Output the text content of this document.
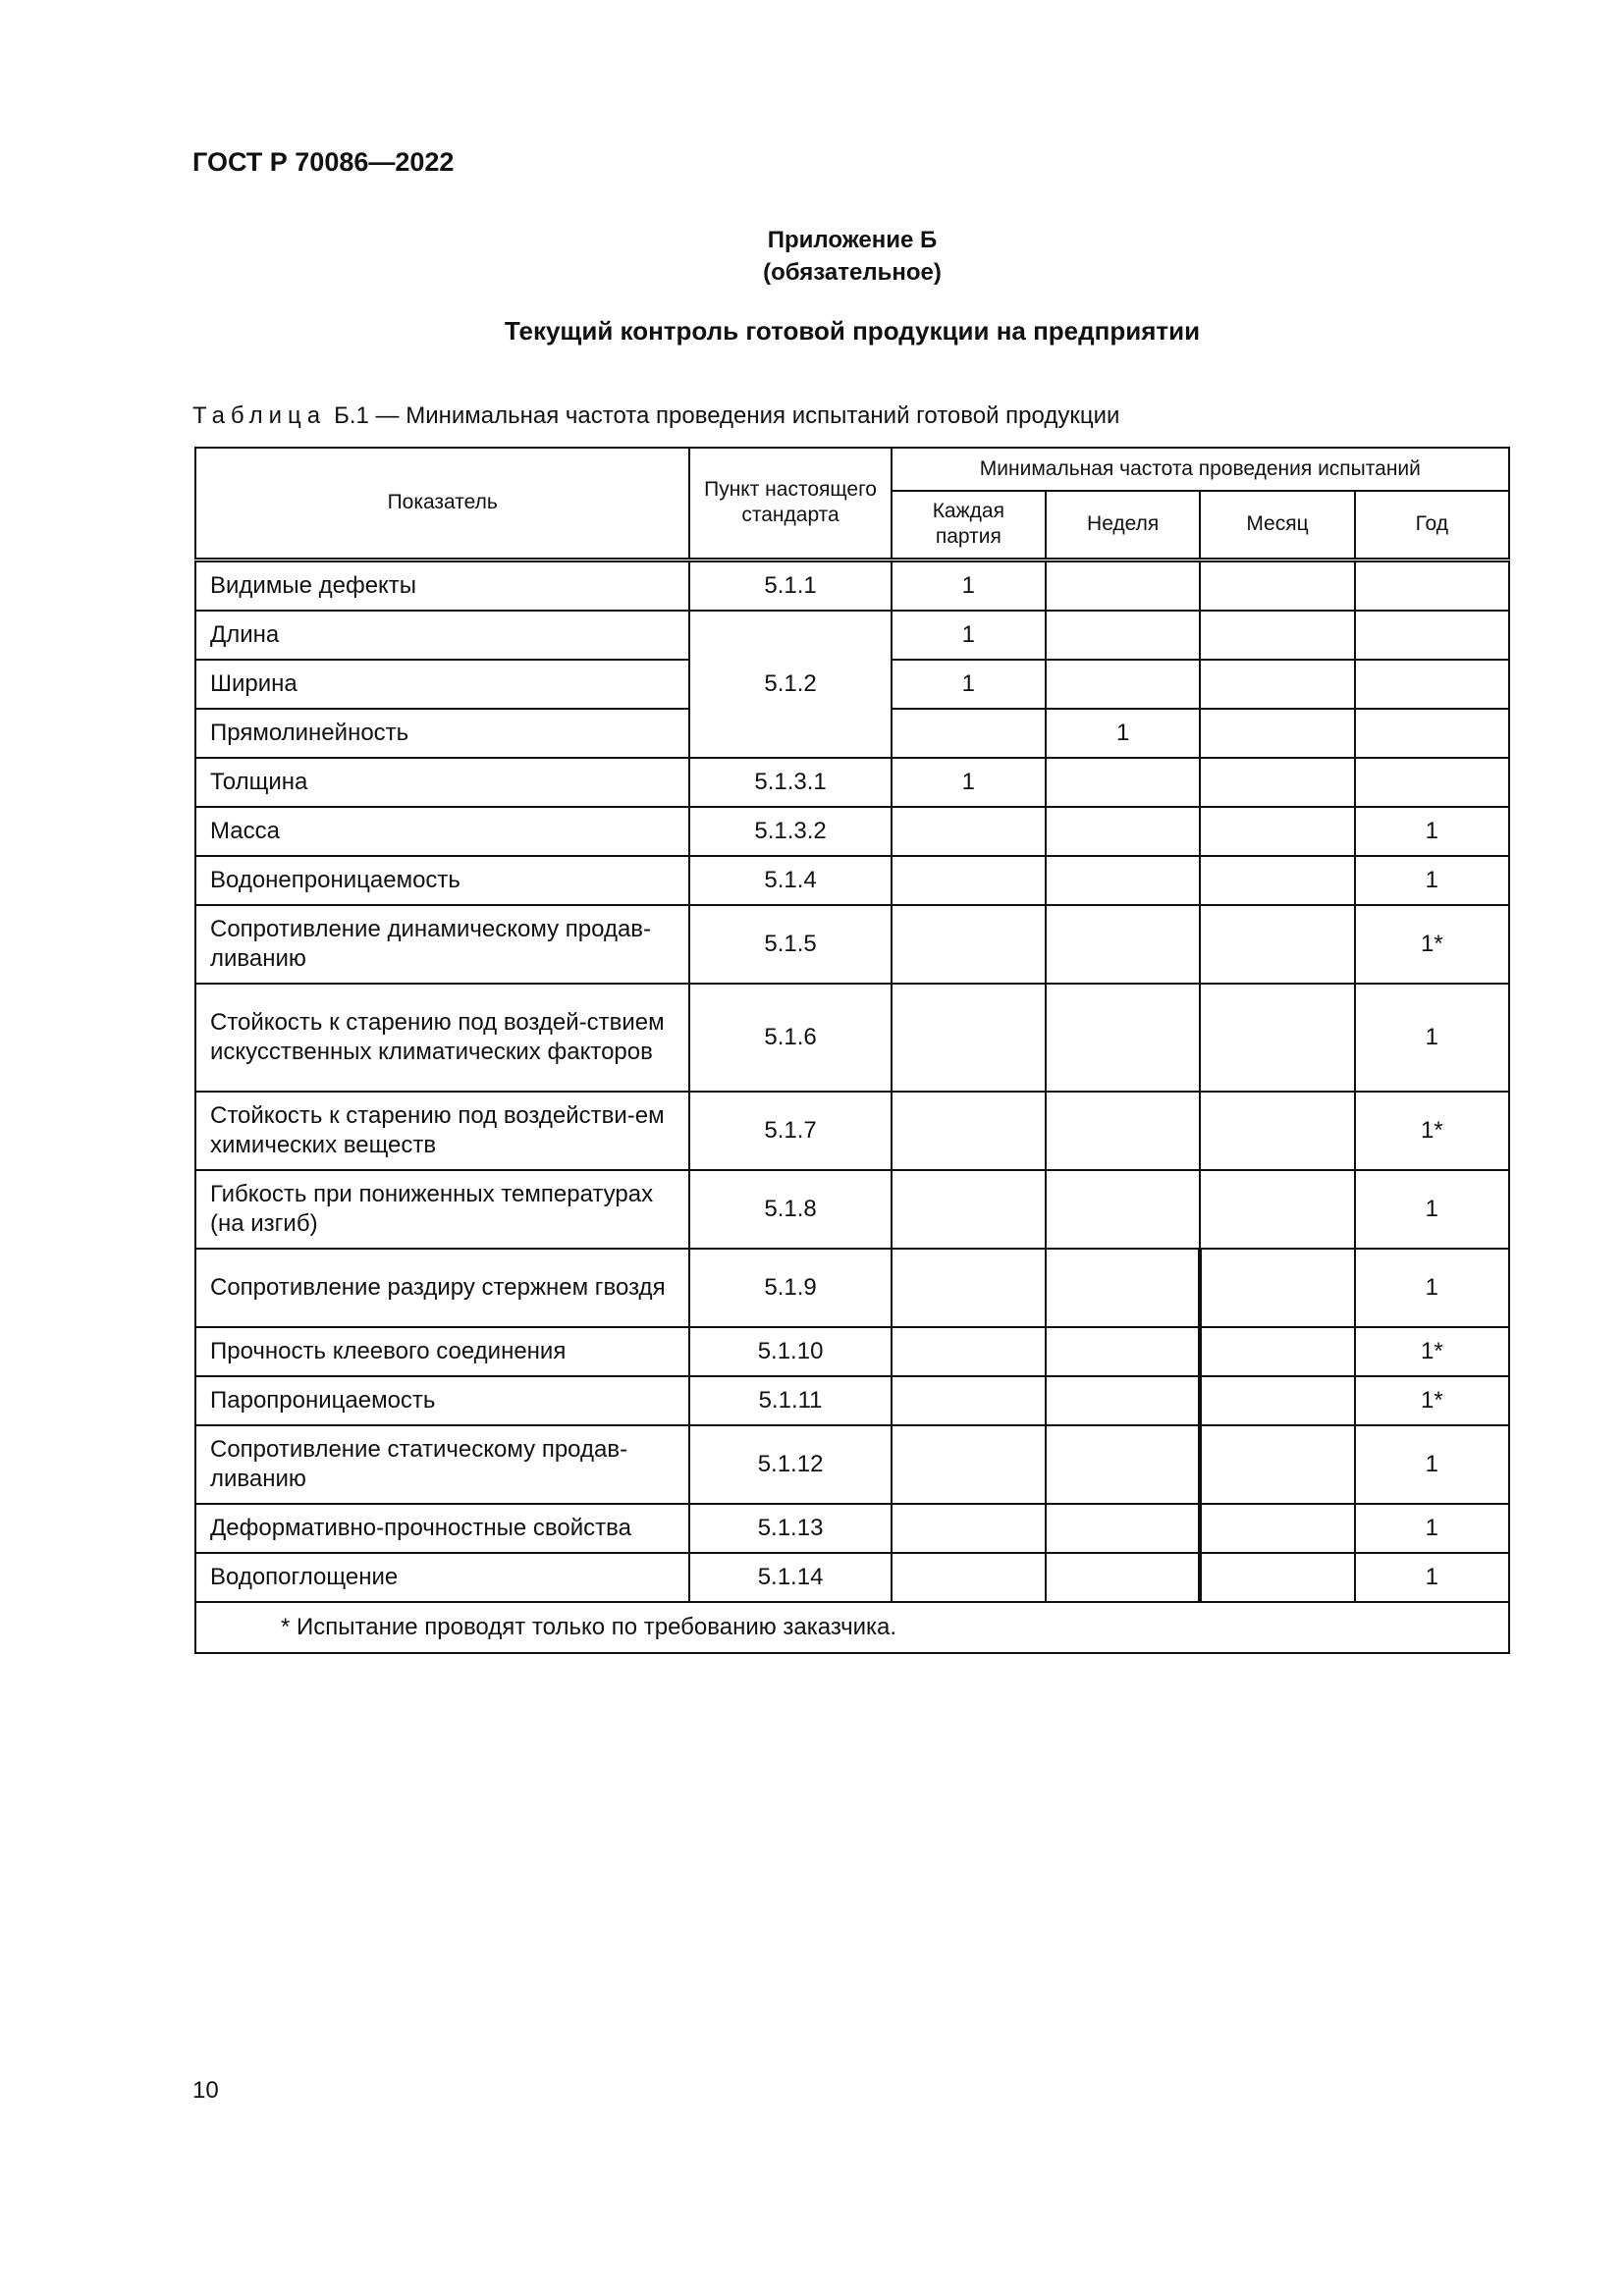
ГОСТ Р 70086—2022
Приложение Б
(обязательное)
Текущий контроль готовой продукции на предприятии
Таблица Б.1 — Минимальная частота проведения испытаний готовой продукции
Показатель	Пункт настоящего стандарта	Минимальная частота проведения испытаний			
		Каждая партия	Неделя	Месяц	Год
Видимые дефекты	5.1.1	1			
Длина	5.1.2	1			
Ширина		1			
Прямолинейность			1		
Толщина	5.1.3.1	1			
Масса	5.1.3.2				1
Водонепроницаемость	5.1.4				1
Сопротивление динамическому продав-ливанию	5.1.5				1*
Стойкость к старению под воздей-ствием искусственных климатических факторов	5.1.6				1
Стойкость к старению под воздействи-ем химических веществ	5.1.7				1*
Гибкость при пониженных температурах (на изгиб)	5.1.8				1
Сопротивление раздиру стержнем гвоздя	5.1.9				1
Прочность клеевого соединения	5.1.10				1*
Паропроницаемость	5.1.11				1*
Сопротивление статическому продав-ливанию	5.1.12				1
Деформативно-прочностные свойства	5.1.13				1
Водопоглощение	5.1.14				1
* Испытание проводят только по требованию заказчика.					
10
